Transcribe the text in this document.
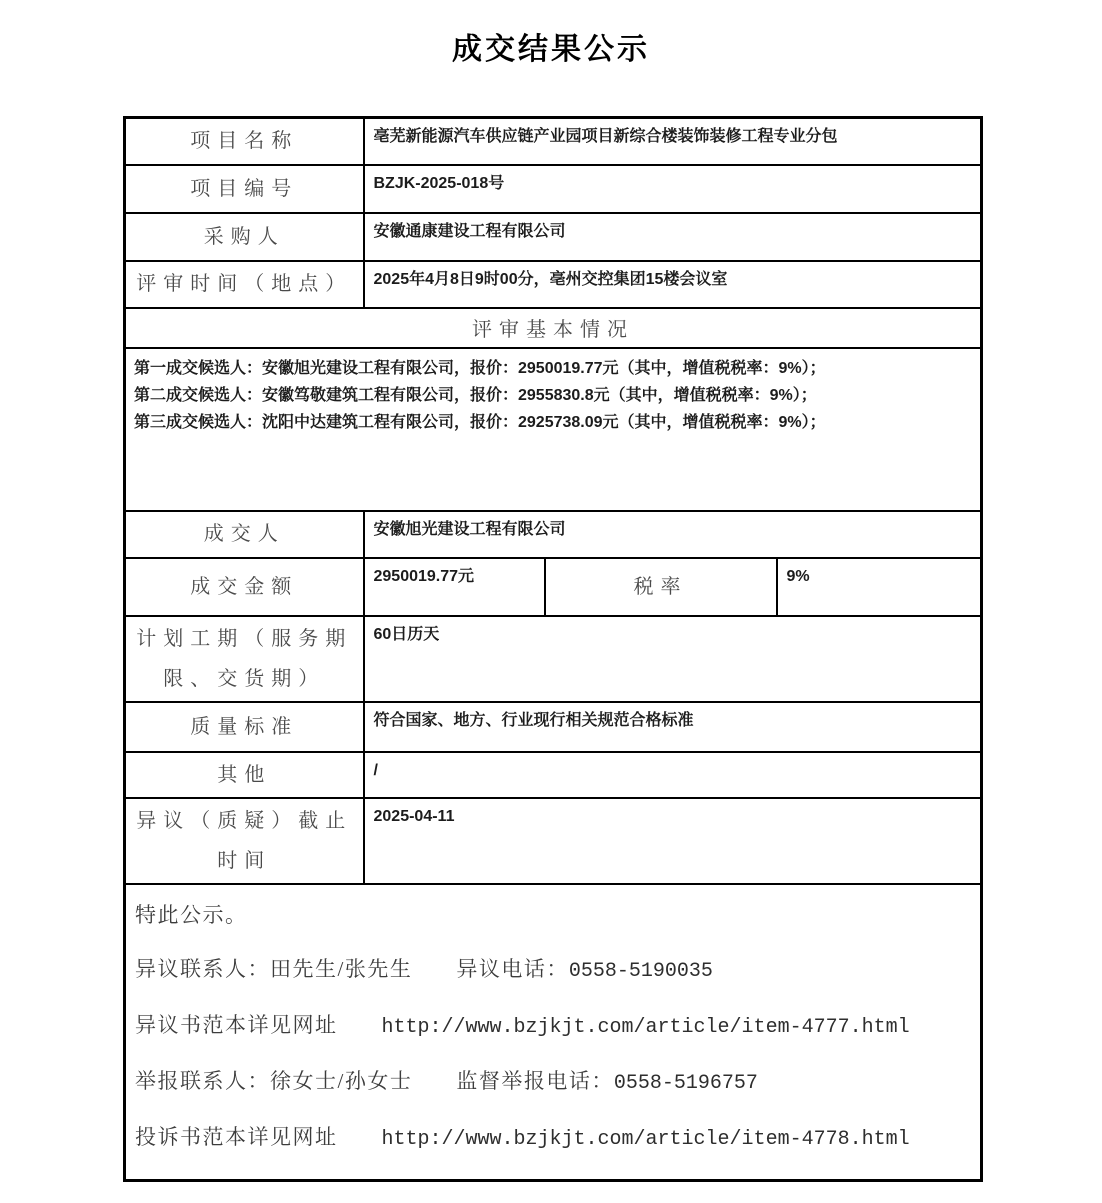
成交结果公示
项目名称	亳芜新能源汽车供应链产业园项目新综合楼装饰装修工程专业分包		
项目编号	BZJK-2025-018号		
采购人	安徽通康建设工程有限公司		
评审时间（地点）	2025年4月8日9时00分，亳州交控集团15楼会议室		
评审基本情况			

第一成交候选人：安徽旭光建设工程有限公司，报价：2950019.77元（其中，增值税税率：9%）；
第二成交候选人：安徽笃敬建筑工程有限公司，报价：2955830.8元（其中，增值税税率：9%）；
第三成交候选人：沈阳中达建筑工程有限公司，报价：2925738.09元（其中，增值税税率：9%）；			

成交人	安徽旭光建设工程有限公司		
成交金额	2950019.77元	税率	9%
计划工期（服务期限、交货期）	60日历天		
质量标准	符合国家、地方、行业现行相关规范合格标准		
其他	/		
异议（质疑）截止时间	2025-04-11		

特此公示。
异议联系人：田先生/张先生 异议电话：0558-5190035
异议书范本详见网址 http://www.bzjkjt.com/article/item-4777.html
举报联系人：徐女士/孙女士 监督举报电话：0558-5196757
投诉书范本详见网址 http://www.bzjkjt.com/article/item-4778.html			
